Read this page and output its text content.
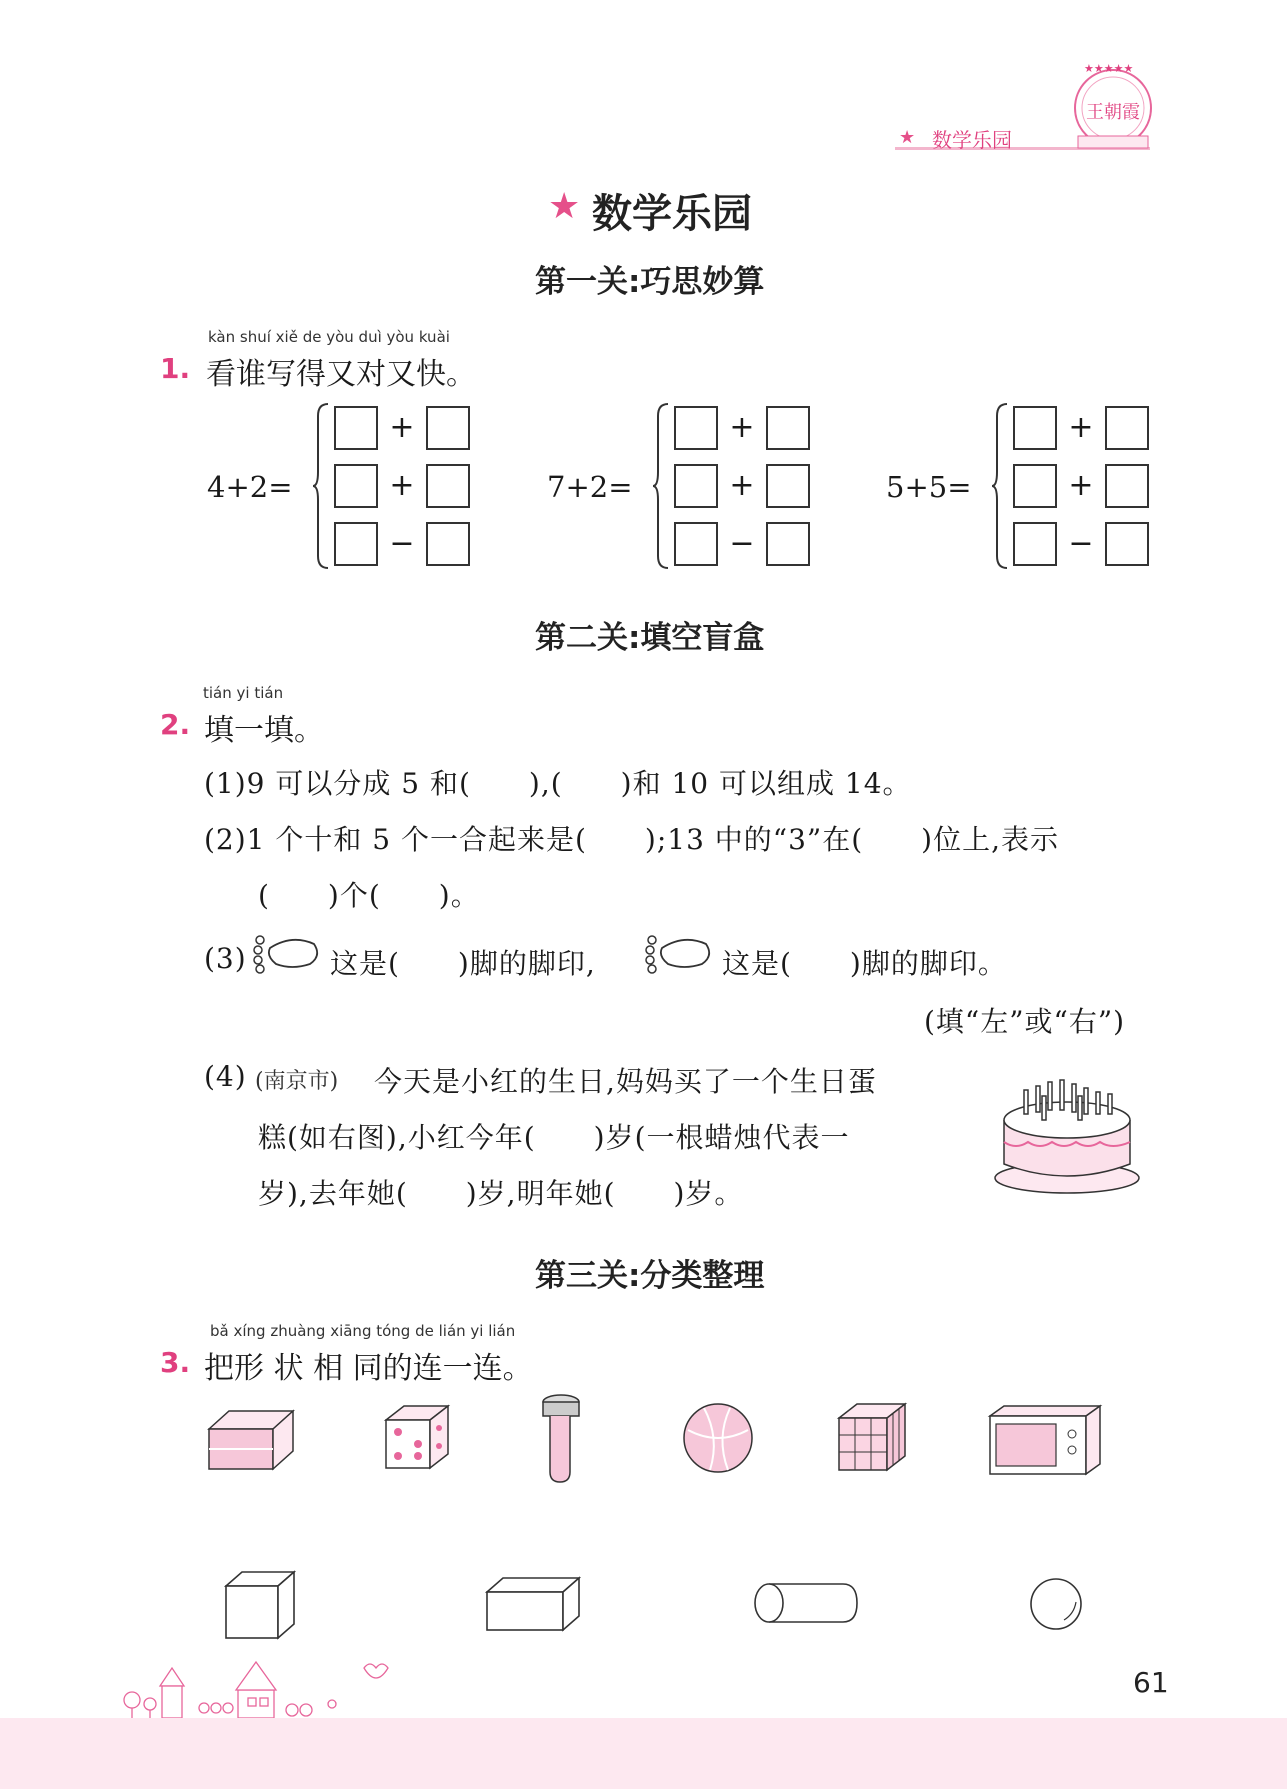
★ 数学乐园
★★★★★
王朝霞
★ 数学乐园
第一关:巧思妙算
kàn shuí xiě de yòu duì yòu kuài
1. 看谁写得又对又快。
4+2=
+
+
−
7+2=
+
+
−
5+5=
+
+
−
第二关:填空盲盒
tián yi tián
2. 填一填。
(1)9 可以分成 5 和(　　),(　　)和 10 可以组成 14。
(2)1 个十和 5 个一合起来是(　　);13 中的“3”在(　　)位上,表示
(　　)个(　　)。
(3)	这是(　　)脚的脚印,	这是(　　)脚的脚印。
(填“左”或“右”)
(4) (南京市) 今天是小红的生日,妈妈买了一个生日蛋
糕(如右图),小红今年(　　)岁(一根蜡烛代表一
岁),去年她(　　)岁,明年她(　　)岁。
第三关:分类整理
bǎ xíng zhuàng xiāng tóng de lián yi lián
3. 把形 状 相 同的连一连。
61
